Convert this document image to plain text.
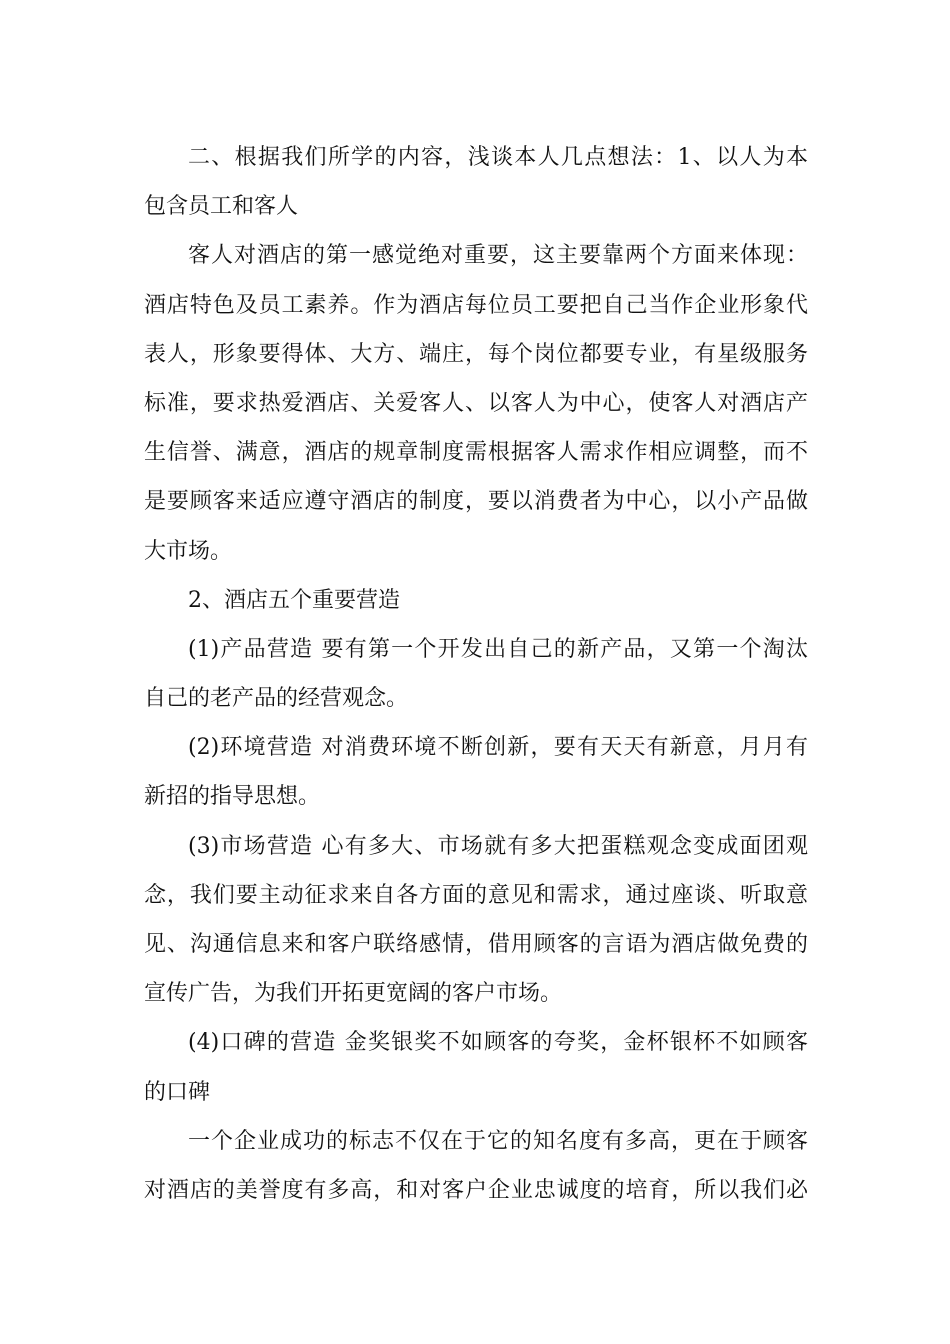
二、根据我们所学的内容，浅谈本人几点想法：1、以人为本
包含员工和客人
客人对酒店的第一感觉绝对重要，这主要靠两个方面来体现：
酒店特色及员工素养。作为酒店每位员工要把自己当作企业形象代
表人，形象要得体、大方、端庄，每个岗位都要专业，有星级服务
标准，要求热爱酒店、关爱客人、以客人为中心，使客人对酒店产
生信誉、满意，酒店的规章制度需根据客人需求作相应调整，而不
是要顾客来适应遵守酒店的制度，要以消费者为中心，以小产品做
大市场。
2、酒店五个重要营造
(1)产品营造 要有第一个开发出自己的新产品，又第一个淘汰
自己的老产品的经营观念。
(2)环境营造 对消费环境不断创新，要有天天有新意，月月有
新招的指导思想。
(3)市场营造 心有多大、市场就有多大把蛋糕观念变成面团观
念，我们要主动征求来自各方面的意见和需求，通过座谈、听取意
见、沟通信息来和客户联络感情，借用顾客的言语为酒店做免费的
宣传广告，为我们开拓更宽阔的客户市场。
(4)口碑的营造 金奖银奖不如顾客的夸奖，金杯银杯不如顾客
的口碑
一个企业成功的标志不仅在于它的知名度有多高，更在于顾客
对酒店的美誉度有多高，和对客户企业忠诚度的培育，所以我们必
